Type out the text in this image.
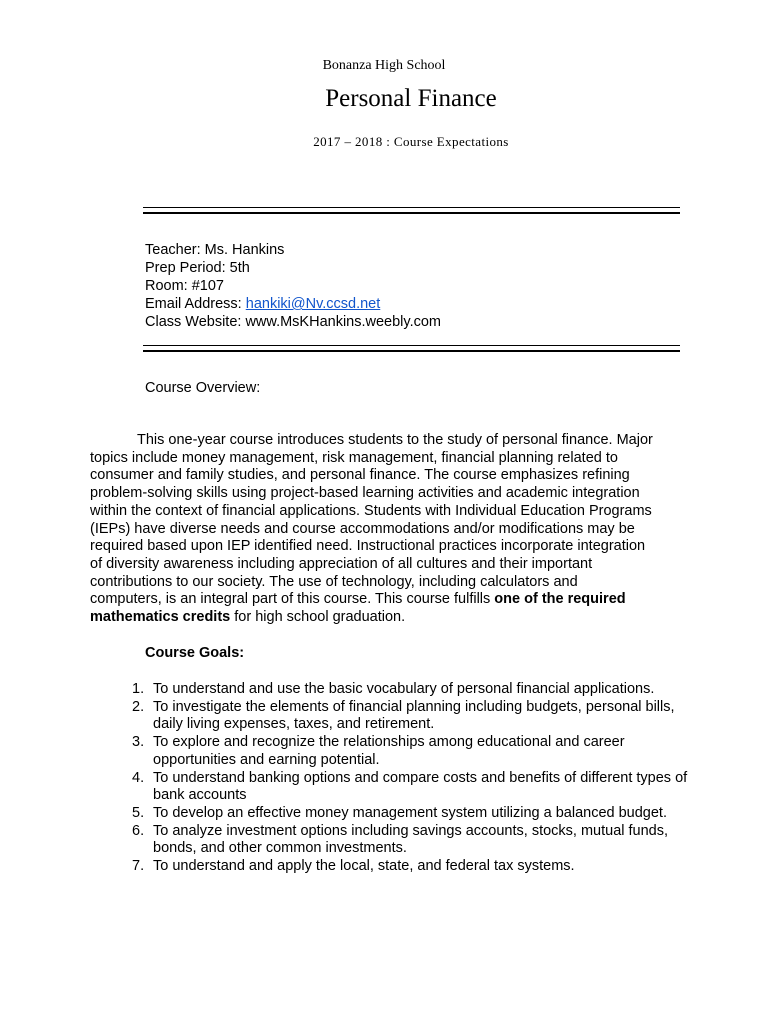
Bonanza High School
Personal Finance
2017 – 2018 : Course Expectations
Teacher: Ms. Hankins
Prep Period: 5th
Room: #107
Email Address: hankiki@Nv.ccsd.net
Class Website: www.MsKHankins.weebly.com
Course Overview:
This one-year course introduces students to the study of personal finance. Major
topics include money management, risk management, financial planning related to
consumer and family studies, and personal finance. The course emphasizes refining
problem-solving skills using project-based learning activities and academic integration
within the context of financial applications. Students with Individual Education Programs
(IEPs) have diverse needs and course accommodations and/or modifications may be
required based upon IEP identified need. Instructional practices incorporate integration
of diversity awareness including appreciation of all cultures and their important
contributions to our society. The use of technology, including calculators and
computers, is an integral part of this course. This course fulfills one of the required
mathematics credits for high school graduation.
Course Goals:
1. To understand and use the basic vocabulary of personal financial applications.
2. To investigate the elements of financial planning including budgets, personal bills, daily living expenses, taxes, and retirement.
3. To explore and recognize the relationships among educational and career opportunities and earning potential.
4. To understand banking options and compare costs and benefits of different types of bank accounts
5. To develop an effective money management system utilizing a balanced budget.
6. To analyze investment options including savings accounts, stocks, mutual funds, bonds, and other common investments.
7. To understand and apply the local, state, and federal tax systems.
